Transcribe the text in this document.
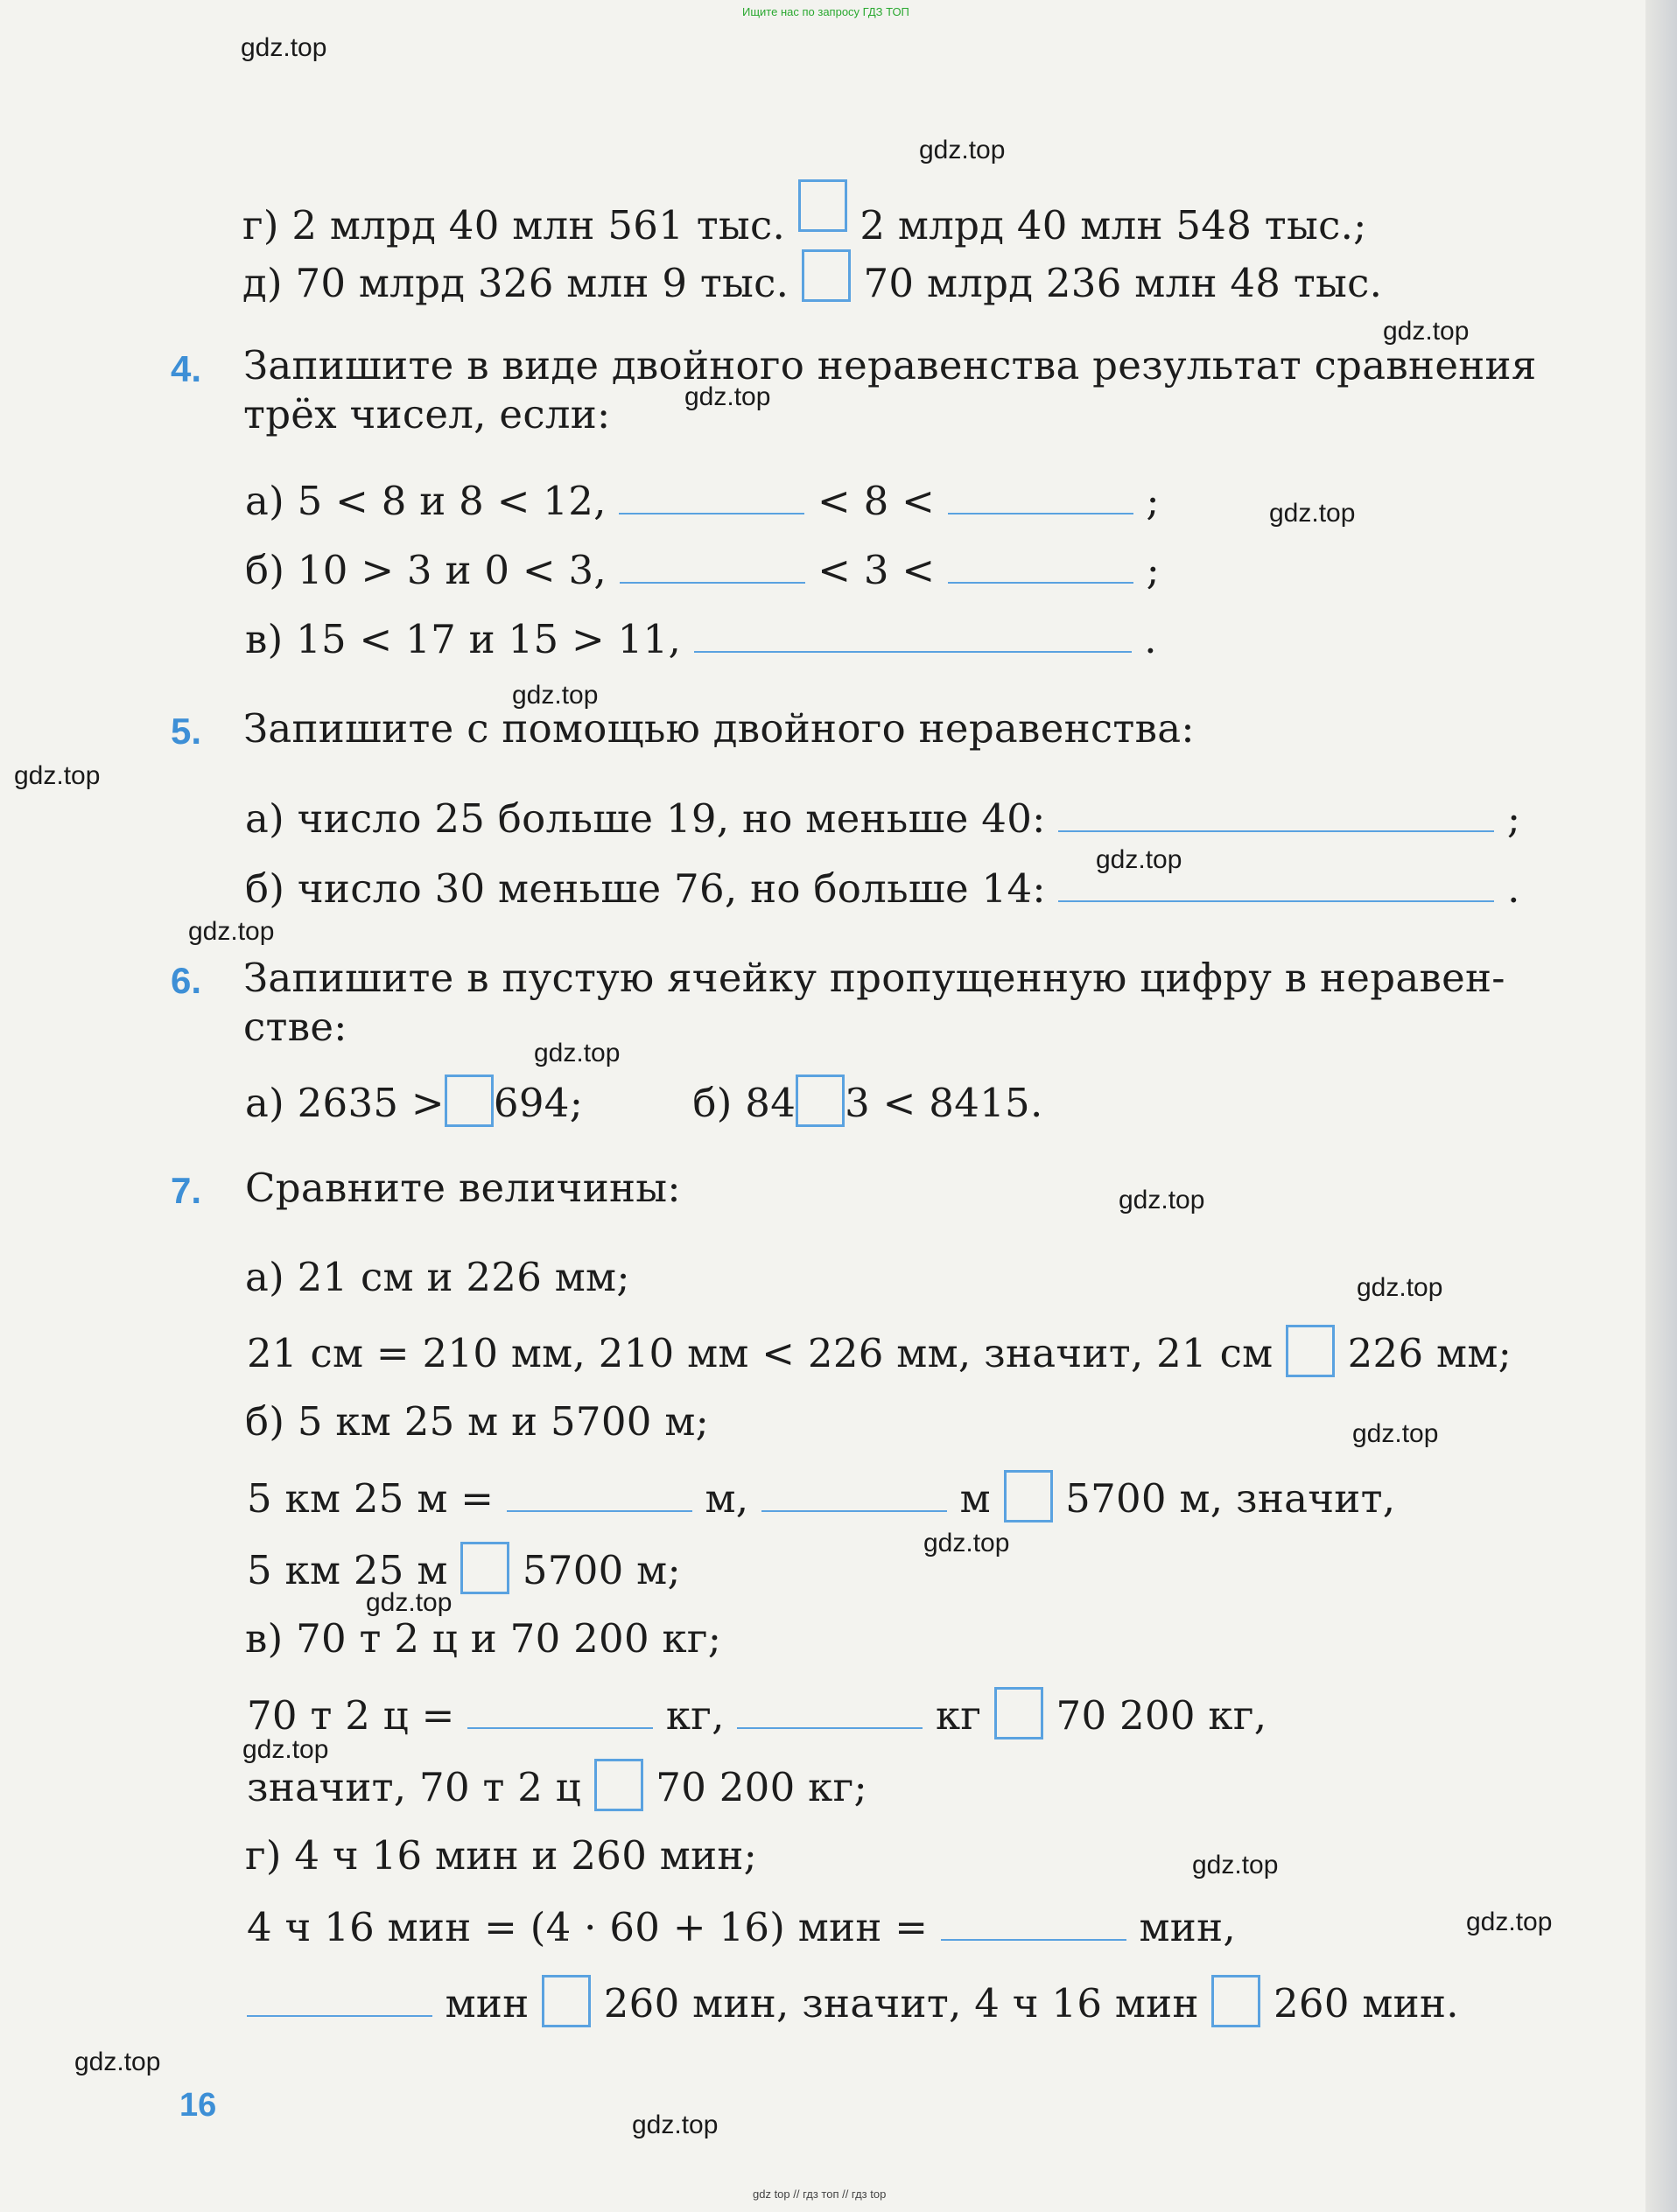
Ищите нас по запросу ГДЗ ТОП
gdz top // гдз топ // гдз top
gdz.top
gdz.top
gdz.top
gdz.top
gdz.top
gdz.top
gdz.top
gdz.top
gdz.top
gdz.top
gdz.top
gdz.top
gdz.top
gdz.top
gdz.top
gdz.top
gdz.top
gdz.top
gdz.top
gdz.top
г) 2 млрд 40 млн 561 тыс. 2 млрд 40 млн 548 тыс.;
д) 70 млрд 326 млн 9 тыс. 70 млрд 236 млн 48 тыс.
4. Запишите в виде двойного неравенства результат сравнения
трёх чисел, если:
а) 5 < 8 и 8 < 12,	< 8 <	;
б) 10 > 3 и 0 < 3,	< 3 <	;
в) 15 < 17 и 15 > 11,	.
5. Запишите с помощью двойного неравенства:
а) число 25 больше 19, но меньше 40:	;
б) число 30 меньше 76, но больше 14:	.
6. Запишите в пустую ячейку пропущенную цифру в неравен-
стве:
а) 2635 > 694;	б) 84 3 < 8415.
7. Сравните величины:
а) 21 см и 226 мм;
21 см = 210 мм, 210 мм < 226 мм, значит, 21 см 226 мм;
б) 5 км 25 м и 5700 м;
5 км 25 м =	м,	м 5700 м, значит,
5 км 25 м 5700 м;
в) 70 т 2 ц и 70 200 кг;
70 т 2 ц =	кг,	кг 70 200 кг,
значит, 70 т 2 ц 70 200 кг;
г) 4 ч 16 мин и 260 мин;
4 ч 16 мин = (4 · 60 + 16) мин =	мин,
мин 260 мин, значит, 4 ч 16 мин 260 мин.
16
